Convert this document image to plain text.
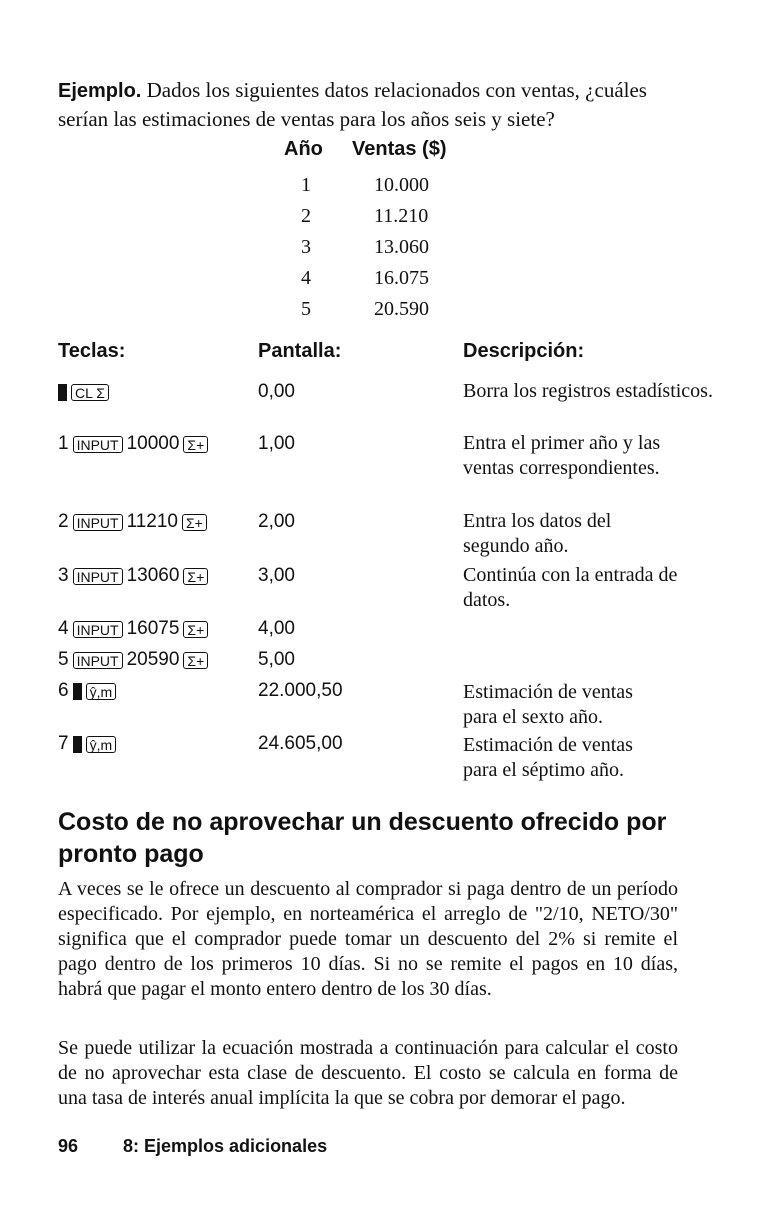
Ejemplo. Dados los siguientes datos relacionados con ventas, ¿cuáles serían las estimaciones de ventas para los años seis y siete?

Año Ventas ($)
1	10.000
2	11.210
3	13.060
4	16.075
5	20.590
Teclas:	Pantalla:	Descripción:
CL Σ	0,00	Borra los registros estadísticos.
1 INPUT 10000 Σ+	1,00	Entra el primer año y las ventas correspondientes.
2 INPUT 11210 Σ+	2,00	Entra los datos del segundo año.
3 INPUT 13060 Σ+	3,00	Continúa con la entrada de datos.
4 INPUT 16075 Σ+	4,00
5 INPUT 20590 Σ+	5,00
6 ŷ,m	22.000,50	Estimación de ventas para el sexto año.
7 ŷ,m	24.605,00	Estimación de ventas para el séptimo año.
Costo de no aprovechar un descuento ofrecido por pronto pago

A veces se le ofrece un descuento al comprador si paga dentro de un período especificado. Por ejemplo, en norteamérica el arreglo de "2/10, NETO/30" significa que el comprador puede tomar un descuento del 2% si remite el pago dentro de los primeros 10 días. Si no se remite el pagos en 10 días, habrá que pagar el monto entero dentro de los 30 días.

Se puede utilizar la ecuación mostrada a continuación para calcular el costo de no aprovechar esta clase de descuento. El costo se calcula en forma de una tasa de interés anual implícita la que se cobra por demorar el pago.

96 8: Ejemplos adicionales
